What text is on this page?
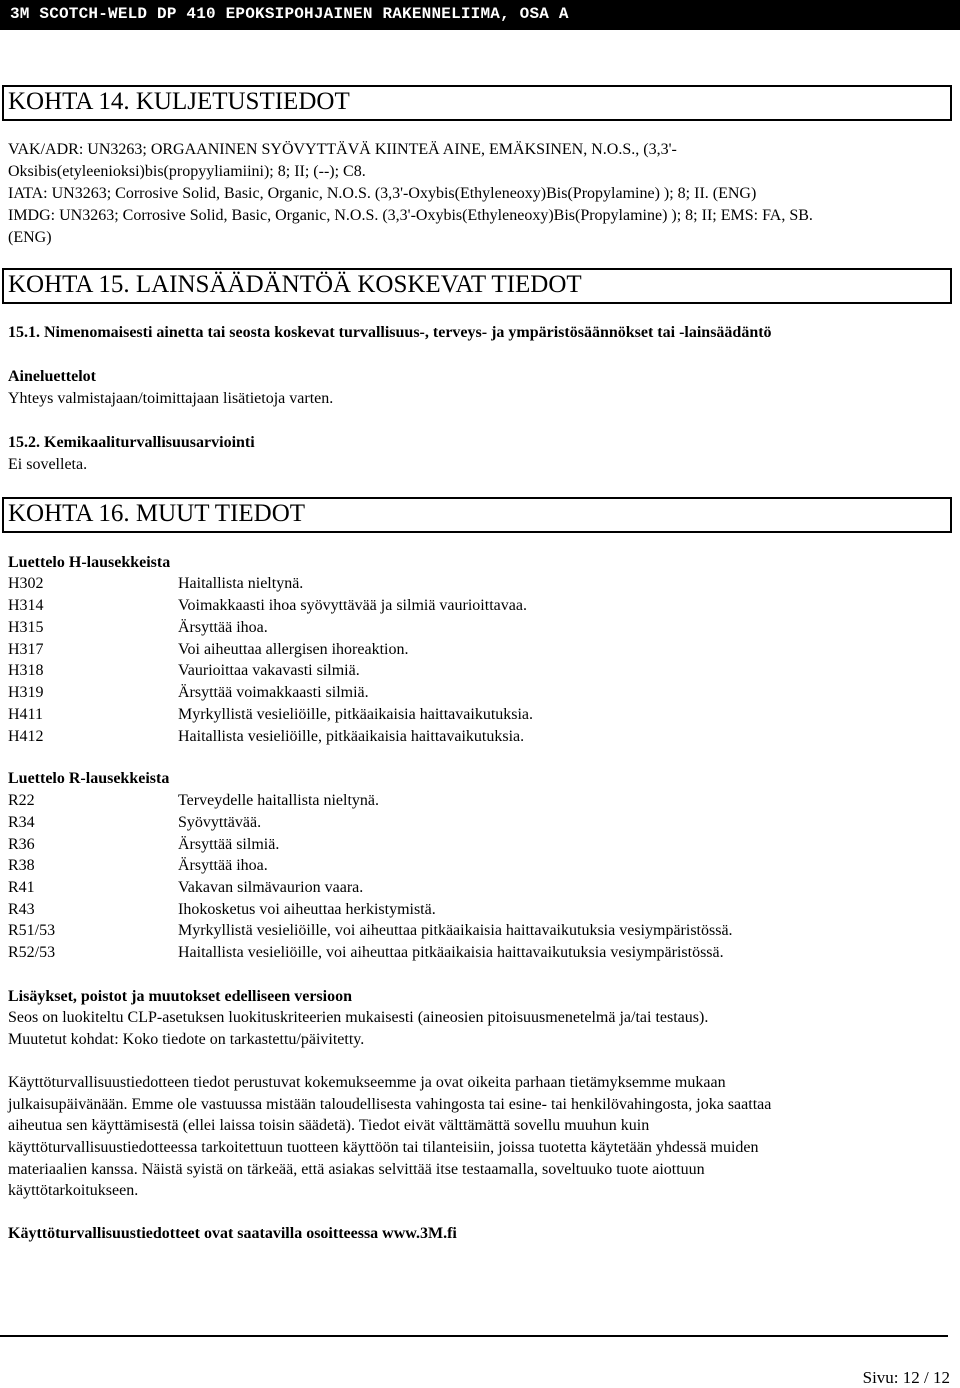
3M SCOTCH-WELD DP 410 EPOKSIPOHJAINEN RAKENNELIIMA, OSA A
KOHTA 14. KULJETUSTIEDOT
VAK/ADR: UN3263; ORGAANINEN SYÖVYTTÄVÄ KIINTEÄ AINE, EMÄKSINEN, N.O.S., (3,3'-
Oksibis(etyleenioksi)bis(propyyliamiini); 8; II; (--); C8.
IATA: UN3263; Corrosive Solid, Basic, Organic, N.O.S. (3,3'-Oxybis(Ethyleneoxy)Bis(Propylamine) ); 8; II. (ENG)
IMDG: UN3263; Corrosive Solid, Basic, Organic, N.O.S. (3,3'-Oxybis(Ethyleneoxy)Bis(Propylamine) ); 8; II; EMS: FA, SB.
(ENG)
KOHTA 15. LAINSÄÄDÄNTÖÄ KOSKEVAT TIEDOT
15.1. Nimenomaisesti ainetta tai seosta koskevat turvallisuus-, terveys- ja ympäristösäännökset tai -lainsäädäntö
Aineluettelot
Yhteys valmistajaan/toimittajaan lisätietoja varten.
15.2. Kemikaaliturvallisuusarviointi
Ei sovelleta.
KOHTA 16. MUUT TIEDOT
Luettelo H-lausekkeista
H302	Haitallista nieltynä.
H314	Voimakkaasti ihoa syövyttävää ja silmiä vaurioittavaa.
H315	Ärsyttää ihoa.
H317	Voi aiheuttaa allergisen ihoreaktion.
H318	Vaurioittaa vakavasti silmiä.
H319	Ärsyttää voimakkaasti silmiä.
H411	Myrkyllistä vesieliöille, pitkäaikaisia haittavaikutuksia.
H412	Haitallista vesieliöille, pitkäaikaisia haittavaikutuksia.
Luettelo R-lausekkeista
R22	Terveydelle haitallista nieltynä.
R34	Syövyttävää.
R36	Ärsyttää silmiä.
R38	Ärsyttää ihoa.
R41	Vakavan silmävaurion vaara.
R43	Ihokosketus voi aiheuttaa herkistymistä.
R51/53	Myrkyllistä vesieliöille, voi aiheuttaa pitkäaikaisia haittavaikutuksia vesiympäristössä.
R52/53	Haitallista vesieliöille, voi aiheuttaa pitkäaikaisia haittavaikutuksia vesiympäristössä.
Lisäykset, poistot ja muutokset edelliseen versioon
Seos on luokiteltu CLP-asetuksen luokituskriteerien mukaisesti (aineosien pitoisuusmenetelmä ja/tai testaus).
Muutetut kohdat: Koko tiedote on tarkastettu/päivitetty.
Käyttöturvallisuustiedotteen tiedot perustuvat kokemukseemme ja ovat oikeita parhaan tietämyksemme mukaan
julkaisupäivänään. Emme ole vastuussa mistään taloudellisesta vahingosta tai esine- tai henkilövahingosta, joka saattaa
aiheutua sen käyttämisestä (ellei laissa toisin säädetä). Tiedot eivät välttämättä sovellu muuhun kuin
käyttöturvallisuustiedotteessa tarkoitettuun tuotteen käyttöön tai tilanteisiin, joissa tuotetta käytetään yhdessä muiden
materiaalien kanssa. Näistä syistä on tärkeää, että asiakas selvittää itse testaamalla, soveltuuko tuote aiottuun
käyttötarkoitukseen.
Käyttöturvallisuustiedotteet ovat saatavilla osoitteessa www.3M.fi
Sivu: 12 / 12
